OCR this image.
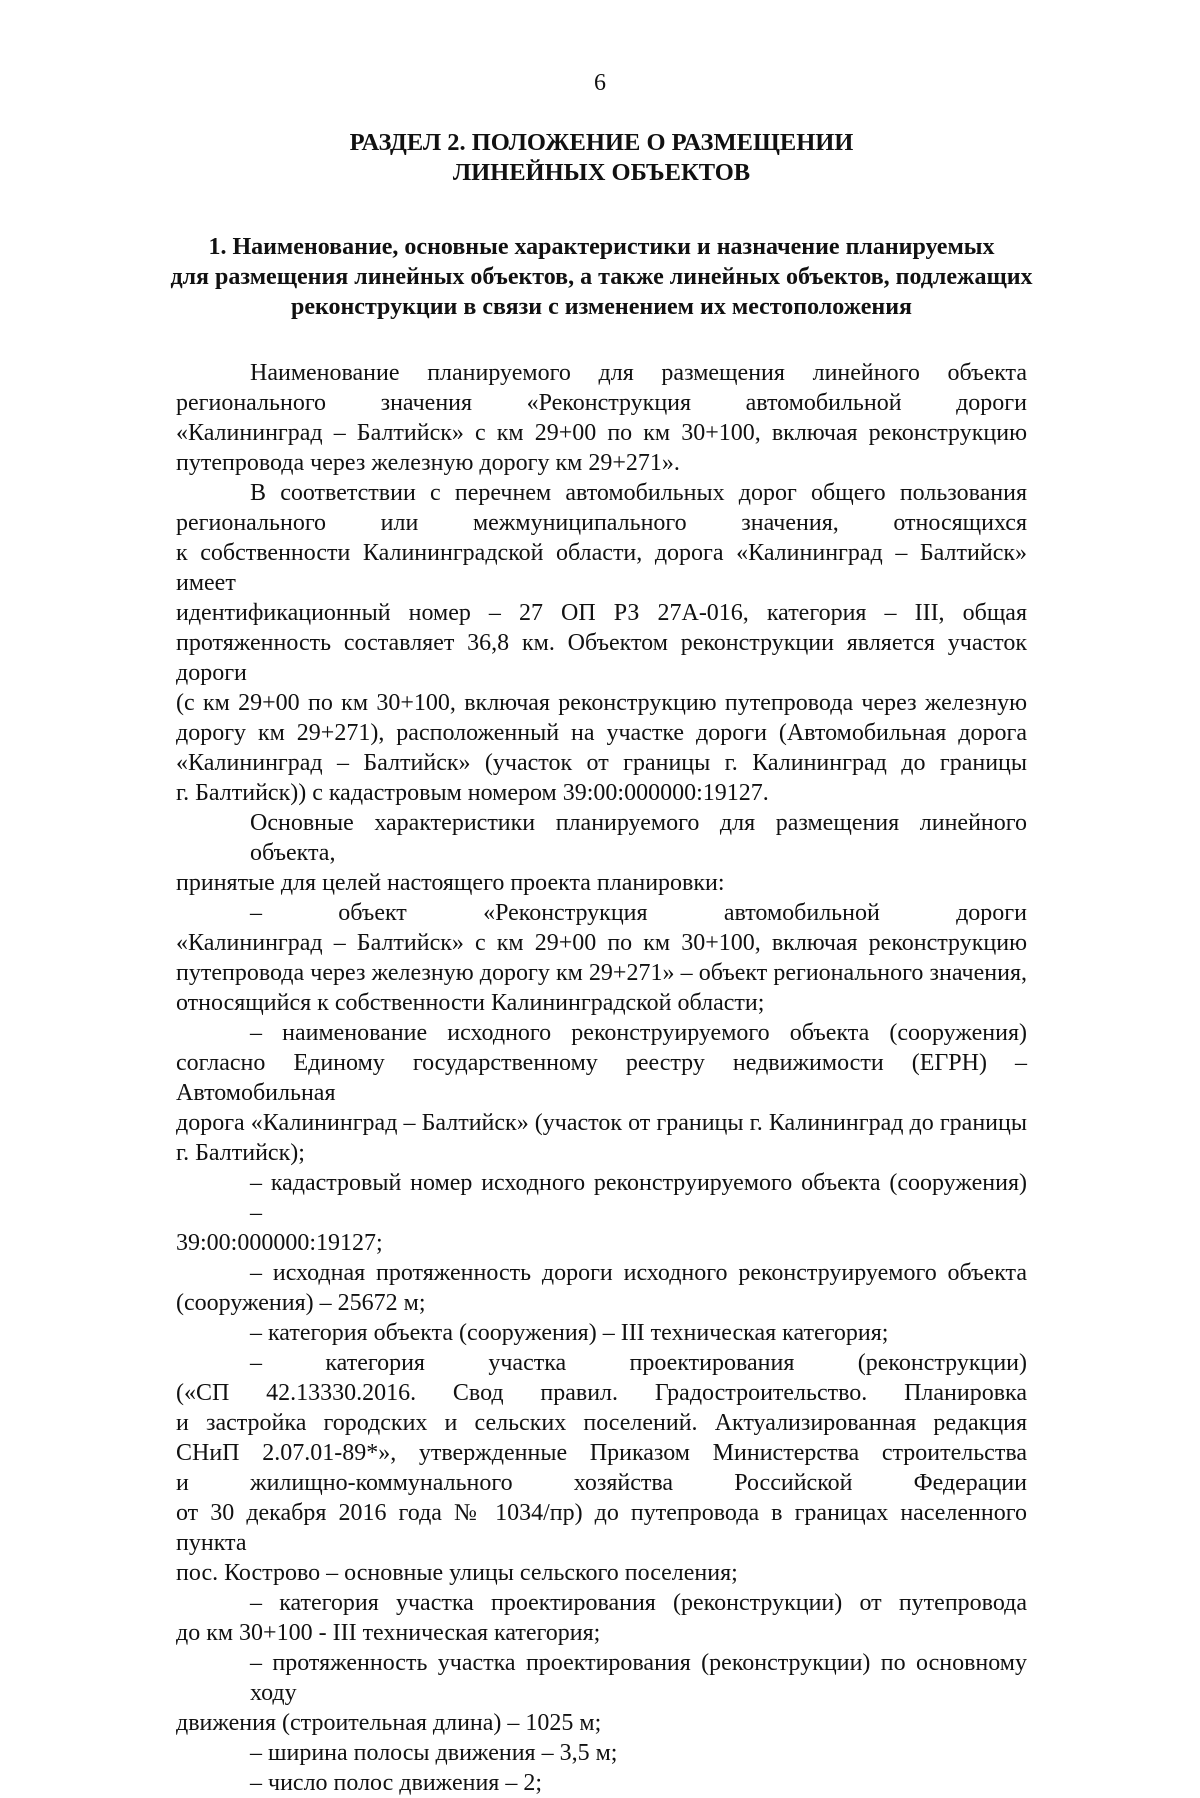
6
РАЗДЕЛ 2. ПОЛОЖЕНИЕ О РАЗМЕЩЕНИИ
ЛИНЕЙНЫХ ОБЪЕКТОВ
1. Наименование, основные характеристики и назначение планируемых
для размещения линейных объектов, а также линейных объектов, подлежащих
реконструкции в связи с изменением их местоположения
Наименование планируемого для размещения линейного объекта
регионального значения «Реконструкция автомобильной дороги
«Калининград – Балтийск» с км 29+00 по км 30+100, включая реконструкцию
путепровода через железную дорогу км 29+271».
В соответствии с перечнем автомобильных дорог общего пользования
регионального или межмуниципального значения, относящихся
к собственности Калининградской области, дорога «Калининград – Балтийск» имеет
идентификационный номер – 27 ОП РЗ 27А-016, категория – III, общая
протяженность составляет 36,8 км. Объектом реконструкции является участок дороги
(с км 29+00 по км 30+100, включая реконструкцию путепровода через железную
дорогу км 29+271), расположенный на участке дороги (Автомобильная дорога
«Калининград – Балтийск» (участок от границы г. Калининград до границы
г. Балтийск)) с кадастровым номером 39:00:000000:19127.
Основные характеристики планируемого для размещения линейного объекта,
принятые для целей настоящего проекта планировки:
– объект «Реконструкция автомобильной дороги
«Калининград – Балтийск» с км 29+00 по км 30+100, включая реконструкцию
путепровода через железную дорогу км 29+271» – объект регионального значения,
относящийся к собственности Калининградской области;
– наименование исходного реконструируемого объекта (сооружения)
согласно Единому государственному реестру недвижимости (ЕГРН) – Автомобильная
дорога «Калининград – Балтийск» (участок от границы г. Калининград до границы
г. Балтийск);
– кадастровый номер исходного реконструируемого объекта (сооружения) –
39:00:000000:19127;
– исходная протяженность дороги исходного реконструируемого объекта
(сооружения) – 25672 м;
– категория объекта (сооружения) – III техническая категория;
– категория участка проектирования (реконструкции)
(«СП 42.13330.2016. Свод правил. Градостроительство. Планировка
и застройка городских и сельских поселений. Актуализированная редакция
СНиП 2.07.01-89*», утвержденные Приказом Министерства строительства
и жилищно-коммунального хозяйства Российской Федерации
от 30 декабря 2016 года № 1034/пр) до путепровода в границах населенного пункта
пос. Кострово – основные улицы сельского поселения;
– категория участка проектирования (реконструкции) от путепровода
до км 30+100 - III техническая категория;
– протяженность участка проектирования (реконструкции) по основному ходу
движения (строительная длина) – 1025 м;
– ширина полосы движения – 3,5 м;
– число полос движения – 2;
